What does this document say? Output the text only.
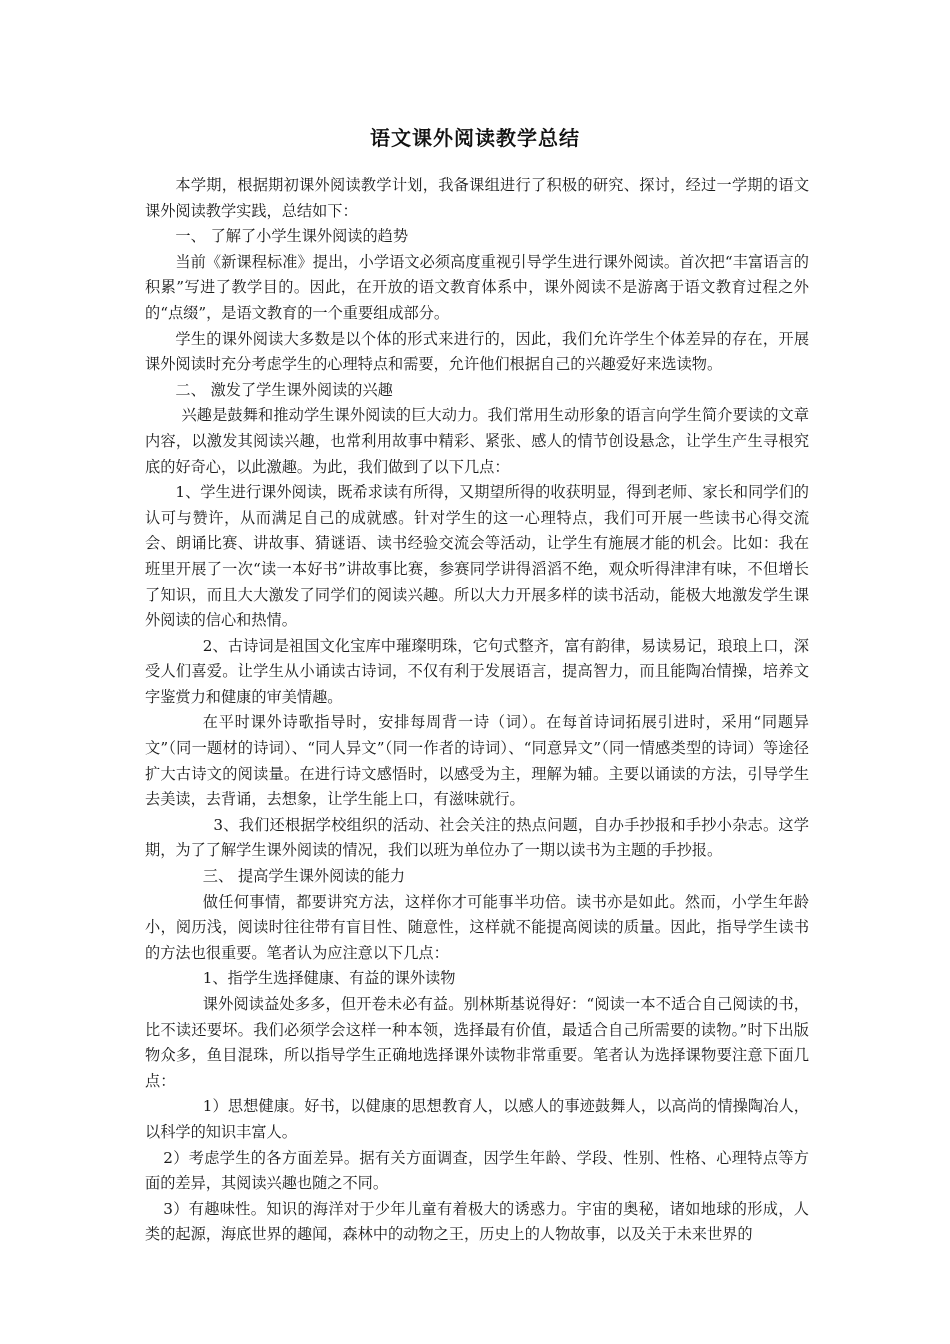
语文课外阅读教学总结

本学期，根据期初课外阅读教学计划，我备课组进行了积极的研究、探讨，经过一学期的语文课外阅读教学实践，总结如下：

一、 了解了小学生课外阅读的趋势

当前《新课程标准》提出，小学语文必须高度重视引导学生进行课外阅读。首次把“丰富语言的积累”写进了教学目的。因此，在开放的语文教育体系中，课外阅读不是游离于语文教育过程之外的“点缀”，是语文教育的一个重要组成部分。

学生的课外阅读大多数是以个体的形式来进行的，因此，我们允许学生个体差异的存在，开展课外阅读时充分考虑学生的心理特点和需要，允许他们根据自己的兴趣爱好来选读物。

二、 激发了学生课外阅读的兴趣

兴趣是鼓舞和推动学生课外阅读的巨大动力。我们常用生动形象的语言向学生简介要读的文章内容，以激发其阅读兴趣，也常利用故事中精彩、紧张、感人的情节创设悬念，让学生产生寻根究底的好奇心，以此激趣。为此，我们做到了以下几点：

1、学生进行课外阅读，既希求读有所得，又期望所得的收获明显，得到老师、家长和同学们的认可与赞许，从而满足自己的成就感。针对学生的这一心理特点，我们可开展一些读书心得交流会、朗诵比赛、讲故事、猜谜语、读书经验交流会等活动，让学生有施展才能的机会。比如：我在班里开展了一次“读一本好书”讲故事比赛，参赛同学讲得滔滔不绝，观众听得津津有味，不但增长了知识，而且大大激发了同学们的阅读兴趣。所以大力开展多样的读书活动，能极大地激发学生课外阅读的信心和热情。

2、古诗词是祖国文化宝库中璀璨明珠，它句式整齐，富有韵律，易读易记，琅琅上口，深受人们喜爱。让学生从小诵读古诗词，不仅有利于发展语言，提高智力，而且能陶冶情操，培养文字鉴赏力和健康的审美情趣。

在平时课外诗歌指导时，安排每周背一诗（词）。在每首诗词拓展引进时，采用“同题异文”（同一题材的诗词）、“同人异文”（同一作者的诗词）、“同意异文”（同一情感类型的诗词）等途径扩大古诗文的阅读量。在进行诗文感悟时，以感受为主，理解为辅。主要以诵读的方法，引导学生去美读，去背诵，去想象，让学生能上口，有滋味就行。

3、我们还根据学校组织的活动、社会关注的热点问题，自办手抄报和手抄小杂志。这学期，为了了解学生课外阅读的情况，我们以班为单位办了一期以读书为主题的手抄报。

三、 提高学生课外阅读的能力

做任何事情，都要讲究方法，这样你才可能事半功倍。读书亦是如此。然而，小学生年龄小，阅历浅，阅读时往往带有盲目性、随意性，这样就不能提高阅读的质量。因此，指导学生读书的方法也很重要。笔者认为应注意以下几点：

1、指学生选择健康、有益的课外读物

课外阅读益处多多，但开卷未必有益。别林斯基说得好：“阅读一本不适合自己阅读的书，比不读还要坏。我们必须学会这样一种本领，选择最有价值，最适合自己所需要的读物。”时下出版物众多，鱼目混珠，所以指导学生正确地选择课外读物非常重要。笔者认为选择课物要注意下面几点：

1）思想健康。好书，以健康的思想教育人，以感人的事迹鼓舞人，以高尚的情操陶冶人，以科学的知识丰富人。

2）考虑学生的各方面差异。据有关方面调查，因学生年龄、学段、性别、性格、心理特点等方面的差异，其阅读兴趣也随之不同。

3）有趣味性。知识的海洋对于少年儿童有着极大的诱惑力。宇宙的奥秘，诸如地球的形成，人类的起源，海底世界的趣闻，森林中的动物之王，历史上的人物故事，以及关于未来世界的
